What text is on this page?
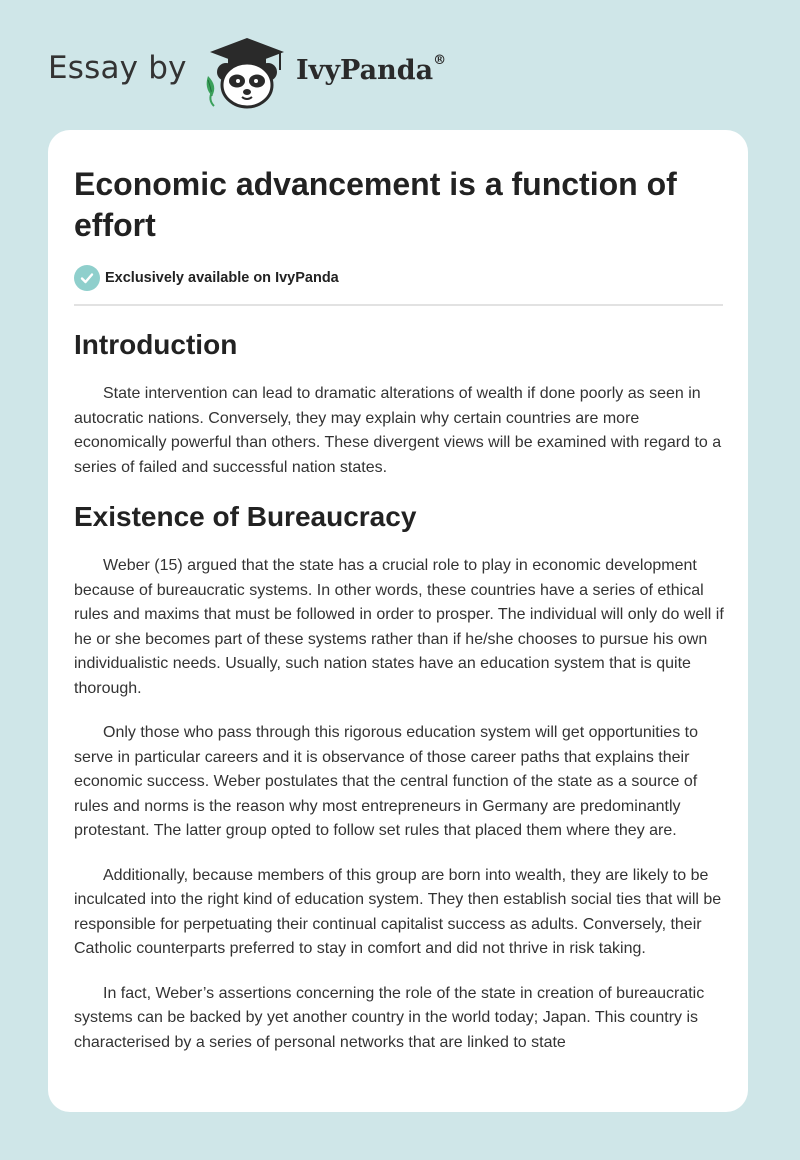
Essay by	IvyPanda®
Economic advancement is a function of effort
Exclusively available on IvyPanda
Introduction

State intervention can lead to dramatic alterations of wealth if done poorly as seen in autocratic nations. Conversely, they may explain why certain countries are more economically powerful than others. These divergent views will be examined with regard to a series of failed and successful nation states.

Existence of Bureaucracy

Weber (15) argued that the state has a crucial role to play in economic development because of bureaucratic systems. In other words, these countries have a series of ethical rules and maxims that must be followed in order to prosper. The individual will only do well if he or she becomes part of these systems rather than if he/she chooses to pursue his own individualistic needs. Usually, such nation states have an education system that is quite thorough.

Only those who pass through this rigorous education system will get opportunities to serve in particular careers and it is observance of those career paths that explains their economic success. Weber postulates that the central function of the state as a source of rules and norms is the reason why most entrepreneurs in Germany are predominantly protestant. The latter group opted to follow set rules that placed them where they are.

Additionally, because members of this group are born into wealth, they are likely to be inculcated into the right kind of education system. They then establish social ties that will be responsible for perpetuating their continual capitalist success as adults. Conversely, their Catholic counterparts preferred to stay in comfort and did not thrive in risk taking.

In fact, Weber’s assertions concerning the role of the state in creation of bureaucratic systems can be backed by yet another country in the world today; Japan. This country is characterised by a series of personal networks that are linked to state
